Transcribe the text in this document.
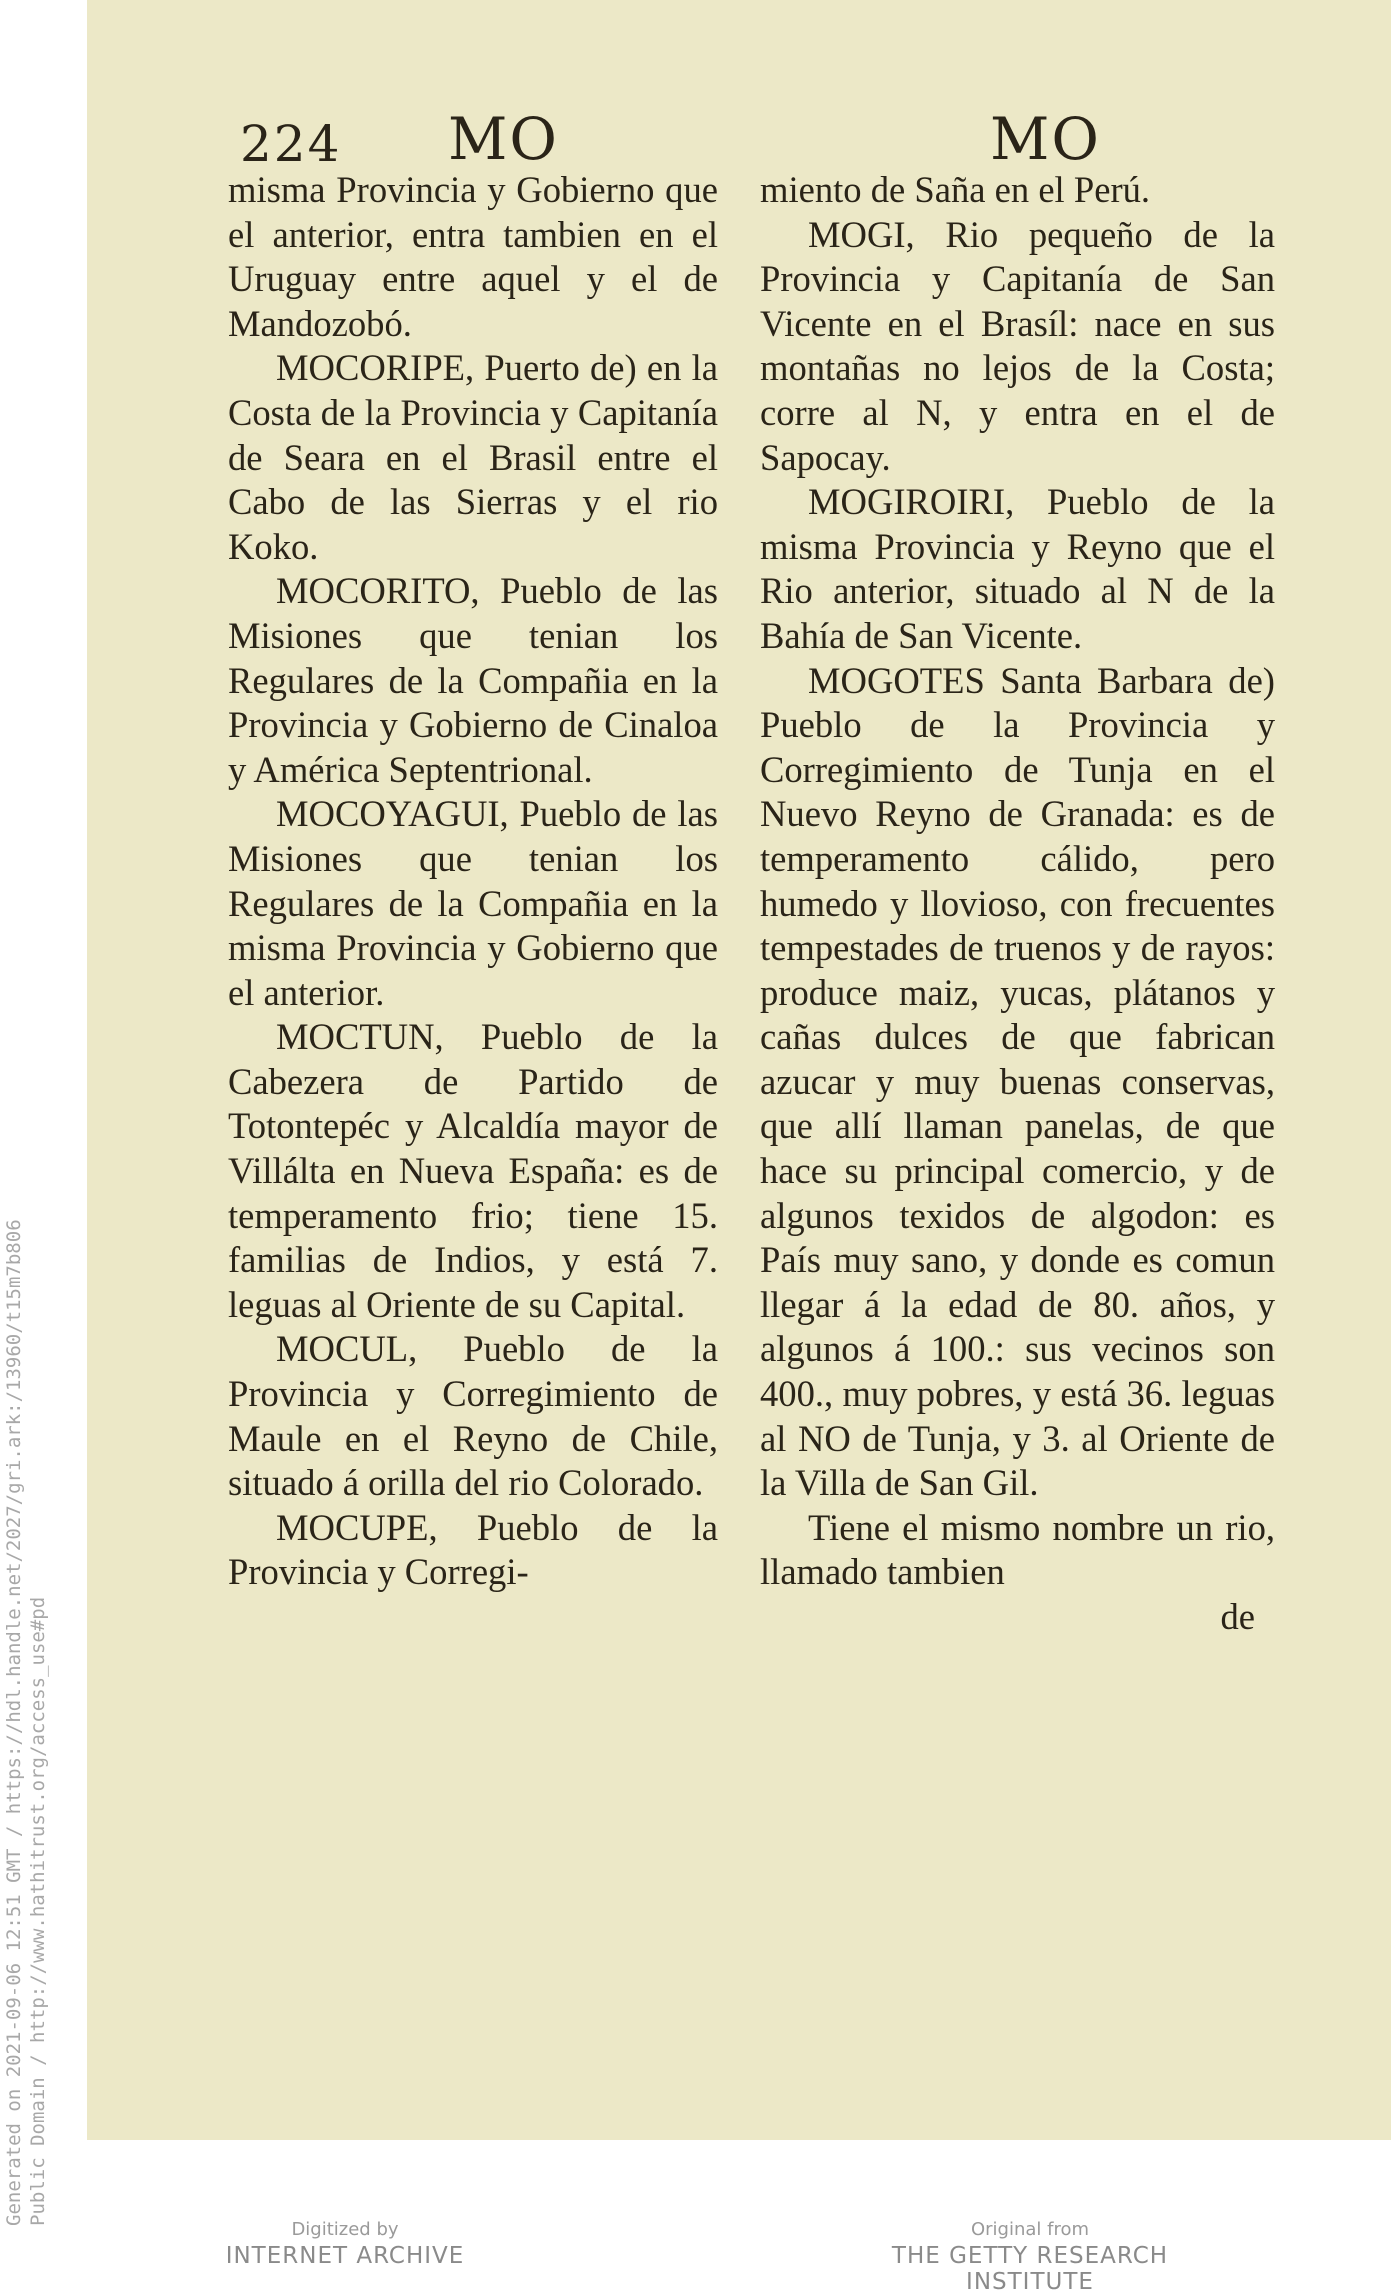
Generated on 2021-09-06 12:51 GMT / https://hdl.handle.net/2027/gri.ark:/13960/t15m7b806 Public Domain / http://www.hathitrust.org/access_use#pd
224 MO	MO

misma Provincia y Gobierno que el anterior, entra tambien en el Uruguay entre aquel y el de Mandozobó.

MOCORIPE, Puerto de) en la Costa de la Provincia y Capitanía de Seara en el Brasil entre el Cabo de las Sierras y el rio Koko.

MOCORITO, Pueblo de las Misiones que tenian los Regulares de la Compañia en la Provincia y Gobierno de Cinaloa y América Septentrional.

MOCOYAGUI, Pueblo de las Misiones que tenian los Regulares de la Compañia en la misma Provincia y Gobierno que el anterior.

MOCTUN, Pueblo de la Cabezera de Partido de Totontepéc y Alcaldía mayor de Villálta en Nueva España: es de temperamento frio; tiene 15. familias de Indios, y está 7. leguas al Oriente de su Capital.

MOCUL, Pueblo de la Provincia y Corregimiento de Maule en el Reyno de Chile, situado á orilla del rio Colorado.

MOCUPE, Pueblo de la Provincia y Corregi-

miento de Saña en el Perú.

MOGI, Rio pequeño de la Provincia y Capitanía de San Vicente en el Brasíl: nace en sus montañas no lejos de la Costa; corre al N, y entra en el de Sapocay.

MOGIROIRI, Pueblo de la misma Provincia y Reyno que el Rio anterior, situado al N de la Bahía de San Vicente.

MOGOTES Santa Barbara de) Pueblo de la Provincia y Corregimiento de Tunja en el Nuevo Reyno de Granada: es de temperamento cálido, pero humedo y llovioso, con frecuentes tempestades de truenos y de rayos: produce maiz, yucas, plátanos y cañas dulces de que fabrican azucar y muy buenas conservas, que allí llaman panelas, de que hace su principal comercio, y de algunos texidos de algodon: es País muy sano, y donde es comun llegar á la edad de 80. años, y algunos á 100.: sus vecinos son 400., muy pobres, y está 36. leguas al NO de Tunja, y 3. al Oriente de la Villa de San Gil.

Tiene el mismo nombre un rio, llamado tambien

de

Digitized by
INTERNET ARCHIVE
Original from
THE GETTY RESEARCH INSTITUTE
